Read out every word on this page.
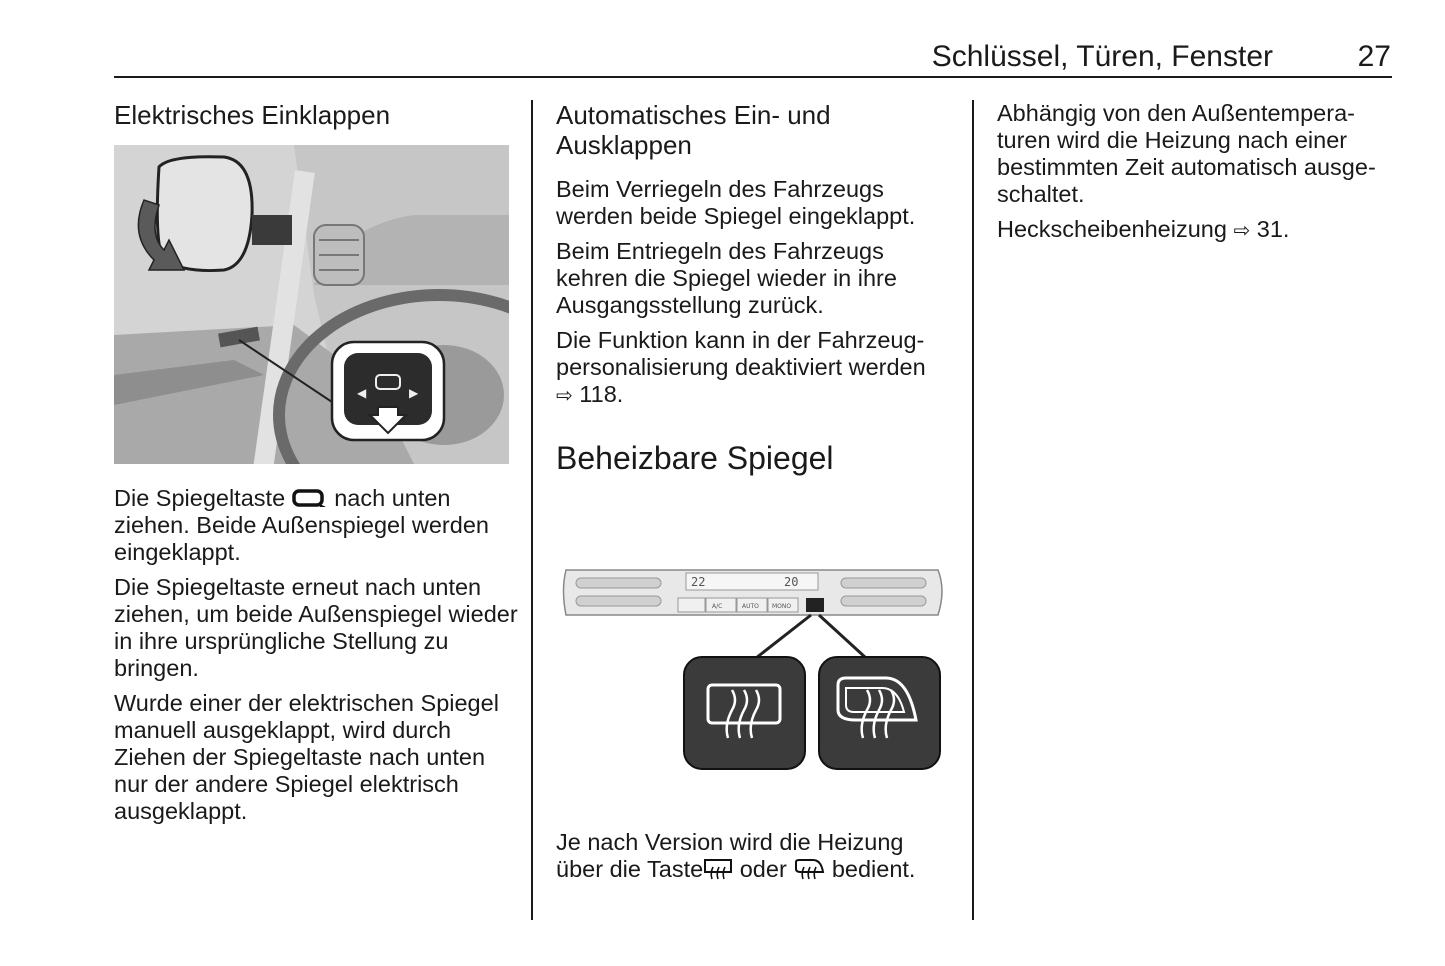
Schlüssel, Türen, Fenster	27
Elektrisches Einklappen
◀	▶

Die Spiegeltaste  nach unten ziehen. Beide Außenspiegel werden eingeklappt.

Die Spiegeltaste erneut nach unten ziehen, um beide Außenspiegel wieder in ihre ursprüngliche Stellung zu bringen.

Wurde einer der elektrischen Spiegel manuell ausgeklappt, wird durch Ziehen der Spiegeltaste nach unten nur der andere Spiegel elektrisch ausgeklappt.

Automatisches Ein- und
Ausklappen

Beim Verriegeln des Fahrzeugs werden beide Spiegel eingeklappt.

Beim Entriegeln des Fahrzeugs kehren die Spiegel wieder in ihre Ausgangsstellung zurück.

Die Funktion kann in der Fahrzeugpersonalisierung deaktiviert werden
⇨ 118.

Beheizbare Spiegel
22	20
A/C	AUTO MONO

Je nach Version wird die Heizung über die Taste oder  bedient.

Abhängig von den Außentemperaturen wird die Heizung nach einer bestimmten Zeit automatisch ausgeschaltet.

Heckscheibenheizung ⇨ 31.
